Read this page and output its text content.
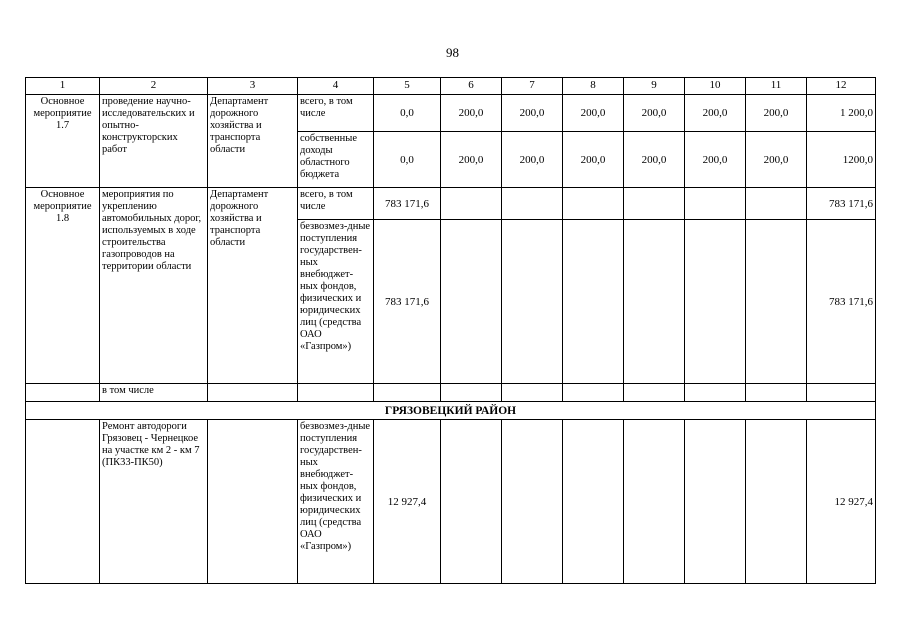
98
1	2	3	4	5	6	7	8	9	10	11	12
Основное мероприятие 1.7	проведение научно-исследовательских и опытно-конструкторских работ	Департамент дорожного хозяйства и транспорта области	всего, в том числе	0,0	200,0	200,0	200,0	200,0	200,0	200,0	1 200,0
			собственные доходы областного бюджета	0,0	200,0	200,0	200,0	200,0	200,0	200,0	1200,0
Основное мероприятие 1.8	мероприятия по укреплению автомобильных дорог, используемых в ходе строительства газопроводов на территории области	Департамент дорожного хозяйства и транспорта области	всего, в том числе	783 171,6							783 171,6
			безвозмез-дные поступления государствен-ных внебюджет-ных фондов, физических и юридических лиц (средства ОАО «Газпром»)	783 171,6							783 171,6
	в том числе										
ГРЯЗОВЕЦКИЙ РАЙОН											
	Ремонт автодороги Грязовец - Чернецкое на участке км 2 - км 7 (ПК33-ПК50)		безвозмез-дные поступления государствен-ных внебюджет-ных фондов, физических и юридических лиц (средства ОАО «Газпром»)	12 927,4							12 927,4
